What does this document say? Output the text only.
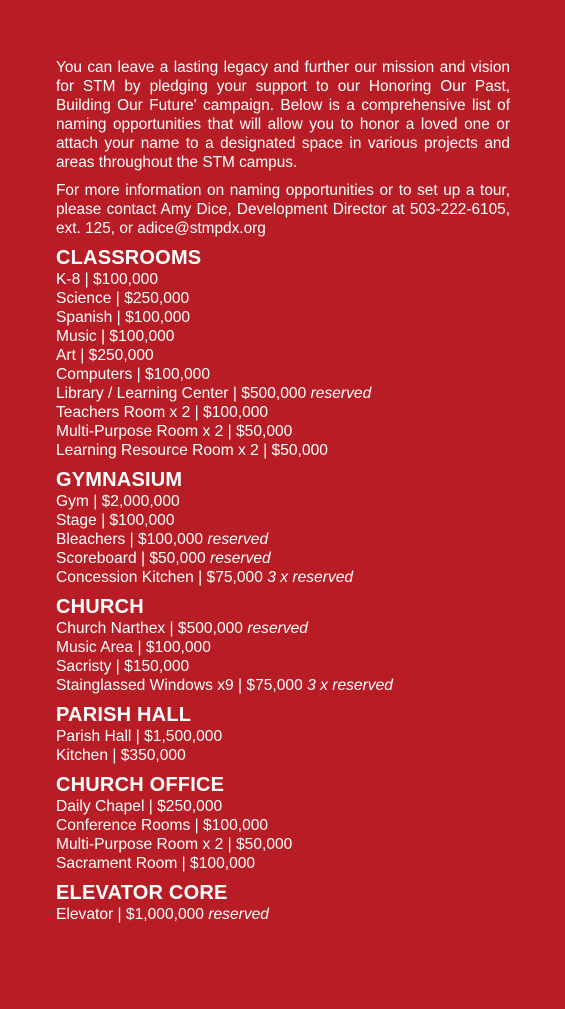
You can leave a lasting legacy and further our mission and vision for STM by pledging your support to our Honoring Our Past, Building Our Future' campaign. Below is a comprehensive list of naming opportunities that will allow you to honor a loved one or attach your name to a designated space in various projects and areas throughout the STM campus.

For more information on naming opportunities or to set up a tour, please contact Amy Dice, Development Director at 503-222-6105, ext. 125, or adice@stmpdx.org

CLASSROOMS
K-8 | $100,000
Science | $250,000
Spanish | $100,000
Music | $100,000
Art | $250,000
Computers | $100,000
Library / Learning Center | $500,000 reserved
Teachers Room x 2 | $100,000
Multi-Purpose Room x 2 | $50,000
Learning Resource Room x 2 | $50,000
GYMNASIUM
Gym | $2,000,000
Stage | $100,000
Bleachers | $100,000 reserved
Scoreboard | $50,000 reserved
Concession Kitchen | $75,000 3 x reserved
CHURCH
Church Narthex | $500,000 reserved
Music Area | $100,000
Sacristy | $150,000
Stainglassed Windows x9 | $75,000 3 x reserved
PARISH HALL
Parish Hall | $1,500,000
Kitchen | $350,000
CHURCH OFFICE
Daily Chapel | $250,000
Conference Rooms | $100,000
Multi-Purpose Room x 2 | $50,000
Sacrament Room | $100,000
ELEVATOR CORE
Elevator | $1,000,000 reserved
